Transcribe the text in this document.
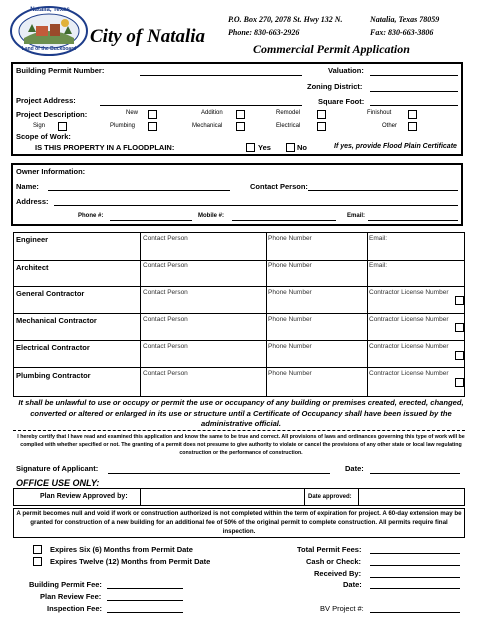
Natalia, Texas
Land of the Buckboard
City of Natalia
P.O. Box 270, 2078 St. Hwy 132 N.	Natalia, Texas 78059
Phone: 830-663-2926	Fax: 830-663-3806
Commercial Permit Application
Building Permit Number:	Valuation:
Zoning District:
Project Address:	Square Foot:
Project Description:	New	Addition	Remodel	Finishout
Sign	Plumbing	Mechanical	Electrical	Other
Scope of Work:
IS THIS PROPERTY IN A FLOODPLAIN:	Yes	No	If yes, provide Flood Plain Certificate
Owner Information:
Name:	Contact Person:
Address:
Phone #:	Mobile #:	Email:
Engineer	Contact Person	Phone Number	Email:
Architect	Contact Person	Phone Number	Email:
General Contractor	Contact Person	Phone Number	Contractor License Number
Mechanical Contractor	Contact Person	Phone Number	Contractor License Number
Electrical Contractor	Contact Person	Phone Number	Contractor License Number
Plumbing Contractor	Contact Person	Phone Number	Contractor License Number
It shall be unlawful to use or occupy or permit the use or occupancy of any building or premises created, erected, changed, converted or altered or enlarged in its use or structure until a Certificate of Occupancy shall have been issued by the administrative official.
I hereby certify that I have read and examined this application and know the same to be true and correct. All provisions of laws and ordinances governing this type of work will be complied with whether specified or not. The granting of a permit does not presume to give authority to violate or cancel the provisions of any other state or local law regulating construction or the performance of construction.
Signature of Applicant:	Date:
OFFICE USE ONLY:
Plan Review Approved by:	Date approved:
A permit becomes null and void if work or construction authorized is not completed within the term of expiration for project. A 60-day extension may be granted for construction of a new building for an additional fee of 50% of the original permit to complete construction. All permits require final inspection.
Expires Six (6) Months from Permit Date
Expires Twelve (12) Months from Permit Date
Total Permit Fees:
Cash or Check:
Received By:
Date:
Building Permit Fee:
Plan Review Fee:
Inspection Fee:	BV Project #:
